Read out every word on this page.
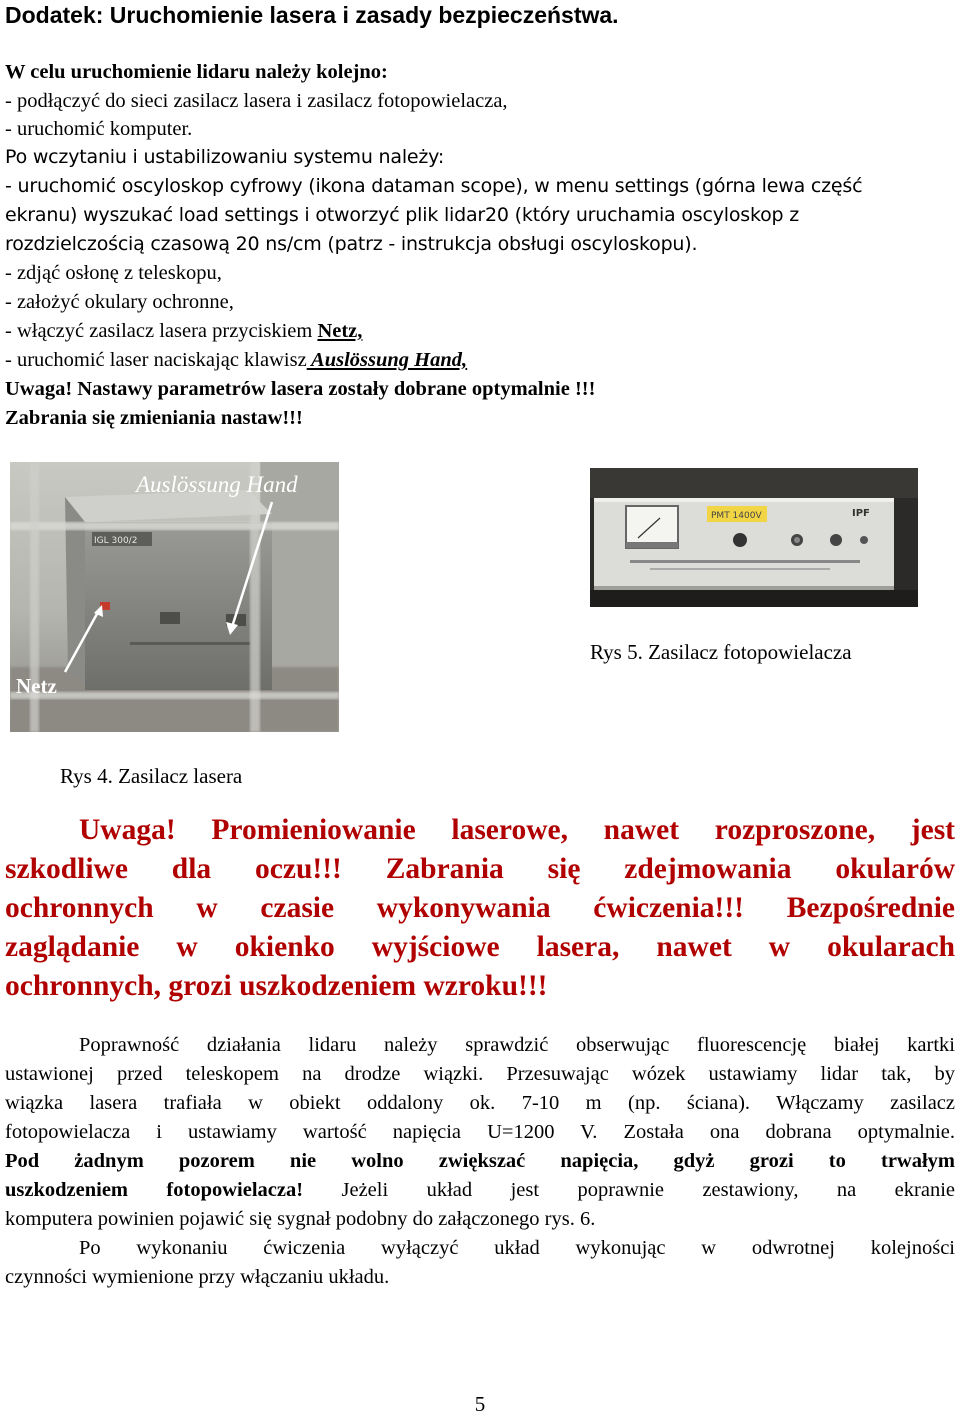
Dodatek: Uruchomienie lasera i zasady bezpieczeństwa.
W celu uruchomienie lidaru należy kolejno:
- podłączyć do sieci zasilacz lasera i zasilacz fotopowielacza,
- uruchomić komputer.
Po wczytaniu i ustabilizowaniu systemu należy:
- uruchomić oscyloskop cyfrowy (ikona dataman scope), w menu settings (górna lewa część
ekranu) wyszukać load settings i otworzyć plik lidar20 (który uruchamia oscyloskop z
rozdzielczością czasową 20 ns/cm (patrz - instrukcja obsługi oscyloskopu).
- zdjąć osłonę z teleskopu,
- założyć okulary ochronne,
- włączyć zasilacz lasera przyciskiem Netz,
- uruchomić laser naciskając klawisz Auslössung Hand,
Uwaga! Nastawy parametrów lasera zostały dobrane optymalnie !!!
Zabrania się zmieniania nastaw!!!
IGL 300/2
Auslössung Hand
Netz
PMT 1400V	IPF
Rys 5. Zasilacz fotopowielacza
Rys 4. Zasilacz lasera
Uwaga! Promieniowanie laserowe, nawet rozproszone, jest
szkodliwe dla oczu!!! Zabrania się zdejmowania okularów
ochronnych w czasie wykonywania ćwiczenia!!! Bezpośrednie
zaglądanie w okienko wyjściowe lasera, nawet w okularach
ochronnych, grozi uszkodzeniem wzroku!!!
Poprawność działania lidaru należy sprawdzić obserwując fluorescencję białej kartki
ustawionej przed teleskopem na drodze wiązki. Przesuwając wózek ustawiamy lidar tak, by
wiązka lasera trafiała w obiekt oddalony ok. 7-10 m (np. ściana). Włączamy zasilacz
fotopowielacza i ustawiamy wartość napięcia U=1200 V. Została ona dobrana optymalnie.
Pod żadnym pozorem nie wolno zwiększać napięcia, gdyż grozi to trwałym
uszkodzeniem fotopowielacza! Jeżeli układ jest poprawnie zestawiony, na ekranie
komputera powinien pojawić się sygnał podobny do załączonego rys. 6.
Po wykonaniu ćwiczenia wyłączyć układ wykonując w odwrotnej kolejności
czynności wymienione przy włączaniu układu.
5
